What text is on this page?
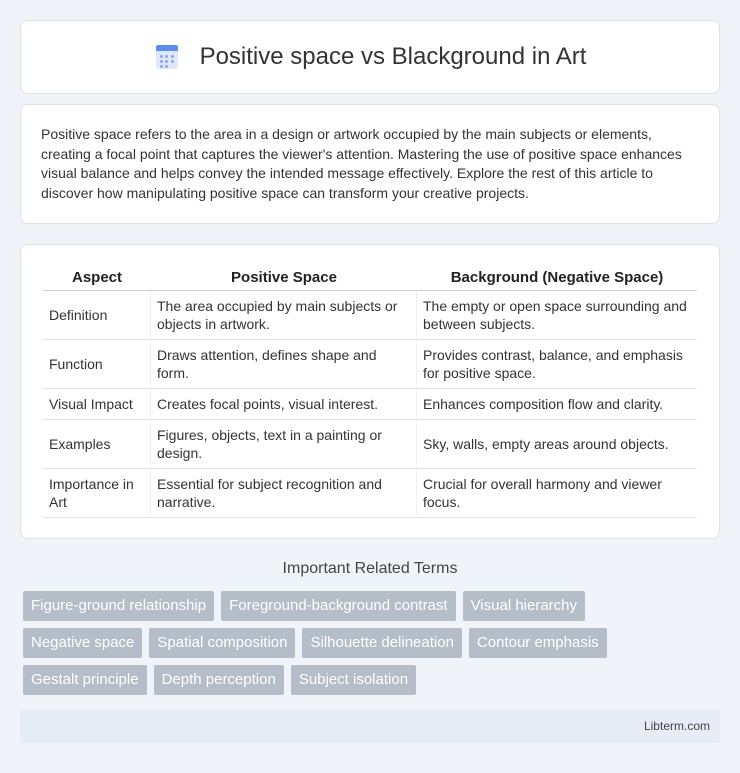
Positive space vs Blackground in Art

Positive space refers to the area in a design or artwork occupied by the main subjects or elements, creating a focal point that captures the viewer's attention. Mastering the use of positive space enhances visual balance and helps convey the intended message effectively. Explore the rest of this article to discover how manipulating positive space can transform your creative projects.

Aspect	Positive Space	Background (Negative Space)
Definition	The area occupied by main subjects or objects in artwork.	The empty or open space surrounding and between subjects.
Function	Draws attention, defines shape and form.	Provides contrast, balance, and emphasis for positive space.
Visual Impact	Creates focal points, visual interest.	Enhances composition flow and clarity.
Examples	Figures, objects, text in a painting or design.	Sky, walls, empty areas around objects.
Importance in Art	Essential for subject recognition and narrative.	Crucial for overall harmony and viewer focus.
Important Related Terms
Figure-ground relationship	Foreground-background contrast	Visual hierarchy
Negative space	Spatial composition	Silhouette delineation	Contour emphasis
Gestalt principle	Depth perception	Subject isolation
Libterm.com
